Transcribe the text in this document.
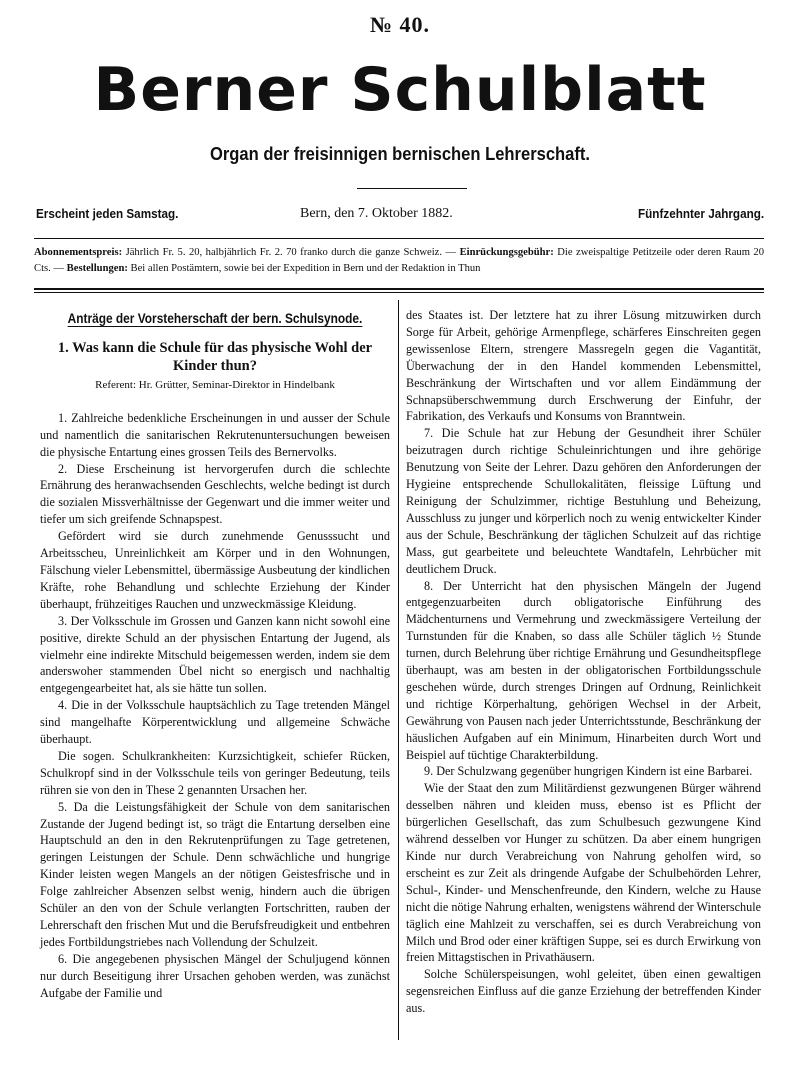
№ 40.
Berner Schulblatt
Organ der freisinnigen bernischen Lehrerschaft.
Erscheint jeden Samstag.	Bern, den 7. Oktober 1882.	Fünfzehnter Jahrgang.
Abonnementspreis: Jährlich Fr. 5. 20, halbjährlich Fr. 2. 70 franko durch die ganze Schweiz. — Einrückungsgebühr: Die zweispaltige Petitzeile oder deren Raum 20 Cts. — Bestellungen: Bei allen Postämtern, sowie bei der Expedition in Bern und der Redaktion in Thun
Anträge der Vorsteherschaft der bern. Schulsynode.
1. Was kann die Schule für das physische Wohl der Kinder thun?
Referent: Hr. Grütter, Seminar-Direktor in Hindelbank

1. Zahlreiche bedenkliche Erscheinungen in und ausser der Schule und namentlich die sanitarischen Rekrutenuntersuchungen beweisen die physische Entartung eines grossen Teils des Bernervolks.

2. Diese Erscheinung ist hervorgerufen durch die schlechte Ernährung des heranwachsenden Geschlechts, welche bedingt ist durch die sozialen Missverhältnisse der Gegenwart und die immer weiter und tiefer um sich greifende Schnapspest.

Gefördert wird sie durch zunehmende Genusssucht und Arbeitsscheu, Unreinlichkeit am Körper und in den Wohnungen, Fälschung vieler Lebensmittel, übermässige Ausbeutung der kindlichen Kräfte, rohe Behandlung und schlechte Erziehung der Kinder überhaupt, frühzeitiges Rauchen und unzweckmässige Kleidung.

3. Der Volksschule im Grossen und Ganzen kann nicht sowohl eine positive, direkte Schuld an der physischen Entartung der Jugend, als vielmehr eine indirekte Mitschuld beigemessen werden, indem sie dem anderswoher stammenden Übel nicht so energisch und nachhaltig entgegengearbeitet hat, als sie hätte tun sollen.

4. Die in der Volksschule hauptsächlich zu Tage tretenden Mängel sind mangelhafte Körperentwicklung und allgemeine Schwäche überhaupt.

Die sogen. Schulkrankheiten: Kurzsichtigkeit, schiefer Rücken, Schulkropf sind in der Volksschule teils von geringer Bedeutung, teils rühren sie von den in These 2 genannten Ursachen her.

5. Da die Leistungsfähigkeit der Schule von dem sanitarischen Zustande der Jugend bedingt ist, so trägt die Entartung derselben eine Hauptschuld an den in den Rekrutenprüfungen zu Tage getretenen, geringen Leistungen der Schule. Denn schwächliche und hungrige Kinder leisten wegen Mangels an der nötigen Geistesfrische und in Folge zahlreicher Absenzen selbst wenig, hindern auch die übrigen Schüler an den von der Schule verlangten Fortschritten, rauben der Lehrerschaft den frischen Mut und die Berufsfreudigkeit und entbehren jedes Fortbildungstriebes nach Vollendung der Schulzeit.

6. Die angegebenen physischen Mängel der Schuljugend können nur durch Beseitigung ihrer Ursachen gehoben werden, was zunächst Aufgabe der Familie und

des Staates ist. Der letztere hat zu ihrer Lösung mitzuwirken durch Sorge für Arbeit, gehörige Armenpflege, schärferes Einschreiten gegen gewissenlose Eltern, strengere Massregeln gegen die Vagantität, Überwachung der in den Handel kommenden Lebensmittel, Beschränkung der Wirtschaften und vor allem Eindämmung der Schnapsüberschwemmung durch Erschwerung der Einfuhr, der Fabrikation, des Verkaufs und Konsums von Branntwein.

7. Die Schule hat zur Hebung der Gesundheit ihrer Schüler beizutragen durch richtige Schuleinrichtungen und ihre gehörige Benutzung von Seite der Lehrer. Dazu gehören den Anforderungen der Hygieine entsprechende Schullokalitäten, fleissige Lüftung und Reinigung der Schulzimmer, richtige Bestuhlung und Beheizung, Ausschluss zu junger und körperlich noch zu wenig entwickelter Kinder aus der Schule, Beschränkung der täglichen Schulzeit auf das richtige Mass, gut gearbeitete und beleuchtete Wandtafeln, Lehrbücher mit deutlichem Druck.

8. Der Unterricht hat den physischen Mängeln der Jugend entgegenzuarbeiten durch obligatorische Einführung des Mädchenturnens und Vermehrung und zweckmässigere Verteilung der Turnstunden für die Knaben, so dass alle Schüler täglich ½ Stunde turnen, durch Belehrung über richtige Ernährung und Gesundheitspflege überhaupt, was am besten in der obligatorischen Fortbildungsschule geschehen würde, durch strenges Dringen auf Ordnung, Reinlichkeit und richtige Körperhaltung, gehörigen Wechsel in der Arbeit, Gewährung von Pausen nach jeder Unterrichtsstunde, Beschränkung der häuslichen Aufgaben auf ein Minimum, Hinarbeiten durch Wort und Beispiel auf tüchtige Charakterbildung.

9. Der Schulzwang gegenüber hungrigen Kindern ist eine Barbarei.

Wie der Staat den zum Militärdienst gezwungenen Bürger während desselben nähren und kleiden muss, ebenso ist es Pflicht der bürgerlichen Gesellschaft, das zum Schulbesuch gezwungene Kind während desselben vor Hunger zu schützen. Da aber einem hungrigen Kinde nur durch Verabreichung von Nahrung geholfen wird, so erscheint es zur Zeit als dringende Aufgabe der Schulbehörden Lehrer, Schul-, Kinder- und Menschenfreunde, den Kindern, welche zu Hause nicht die nötige Nahrung erhalten, wenigstens während der Winterschule täglich eine Mahlzeit zu verschaffen, sei es durch Verabreichung von Milch und Brod oder einer kräftigen Suppe, sei es durch Erwirkung von freien Mittagstischen in Privathäusern.

Solche Schülerspeisungen, wohl geleitet, üben einen gewaltigen segensreichen Einfluss auf die ganze Erziehung der betreffenden Kinder aus.
